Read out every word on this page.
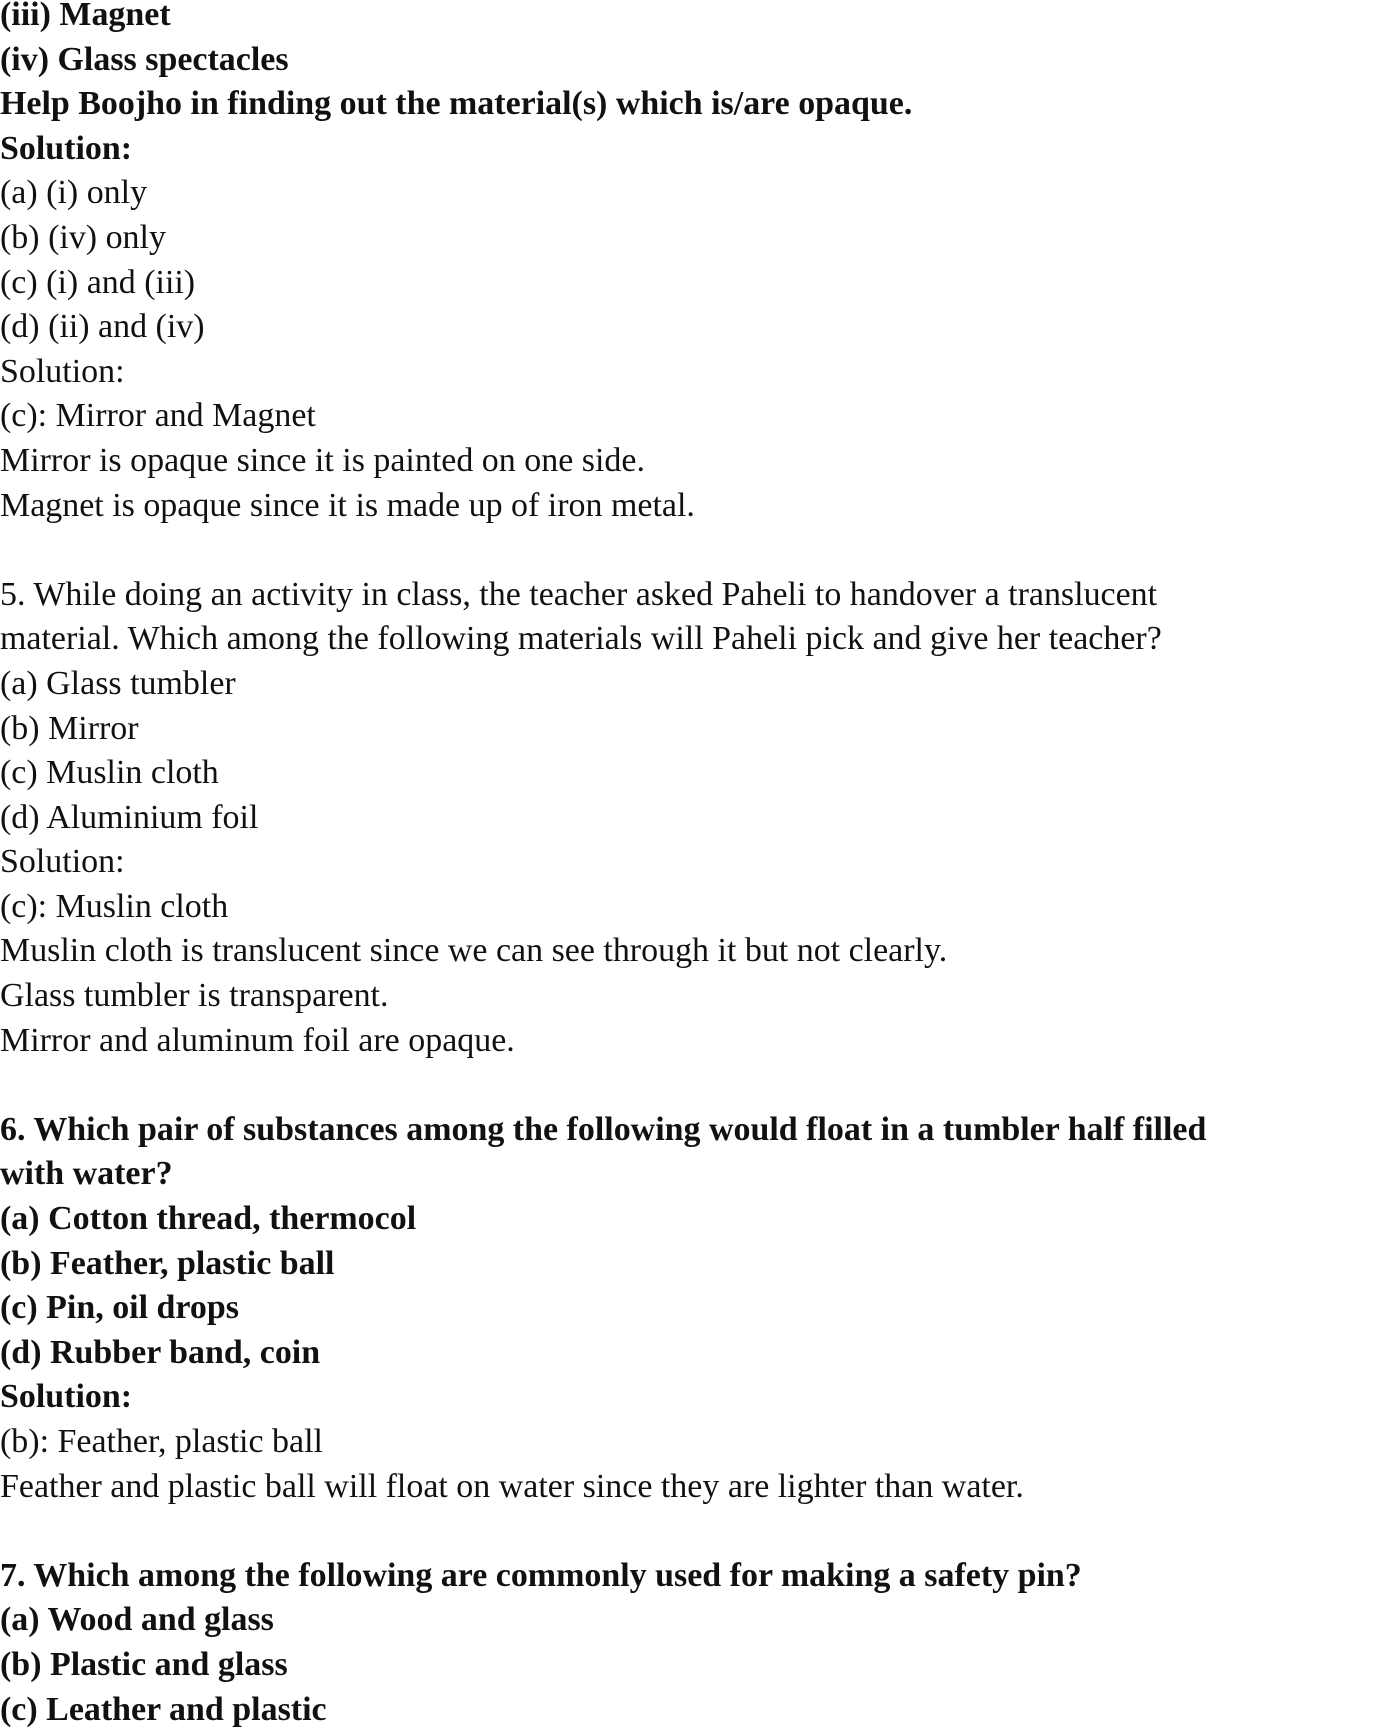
(iii) Magnet
(iv) Glass spectacles
Help Boojho in finding out the material(s) which is/are opaque.
Solution:
(a) (i) only
(b) (iv) only
(c) (i) and (iii)
(d) (ii) and (iv)
Solution:
(c): Mirror and Magnet
Mirror is opaque since it is painted on one side.
Magnet is opaque since it is made up of iron metal.
5. While doing an activity in class, the teacher asked Paheli to handover a translucent
material. Which among the following materials will Paheli pick and give her teacher?
(a) Glass tumbler
(b) Mirror
(c) Muslin cloth
(d) Aluminium foil
Solution:
(c): Muslin cloth
Muslin cloth is translucent since we can see through it but not clearly.
Glass tumbler is transparent.
Mirror and aluminum foil are opaque.
6. Which pair of substances among the following would float in a tumbler half filled
with water?
(a) Cotton thread, thermocol
(b) Feather, plastic ball
(c) Pin, oil drops
(d) Rubber band, coin
Solution:
(b): Feather, plastic ball
Feather and plastic ball will float on water since they are lighter than water.
7. Which among the following are commonly used for making a safety pin?
(a) Wood and glass
(b) Plastic and glass
(c) Leather and plastic
